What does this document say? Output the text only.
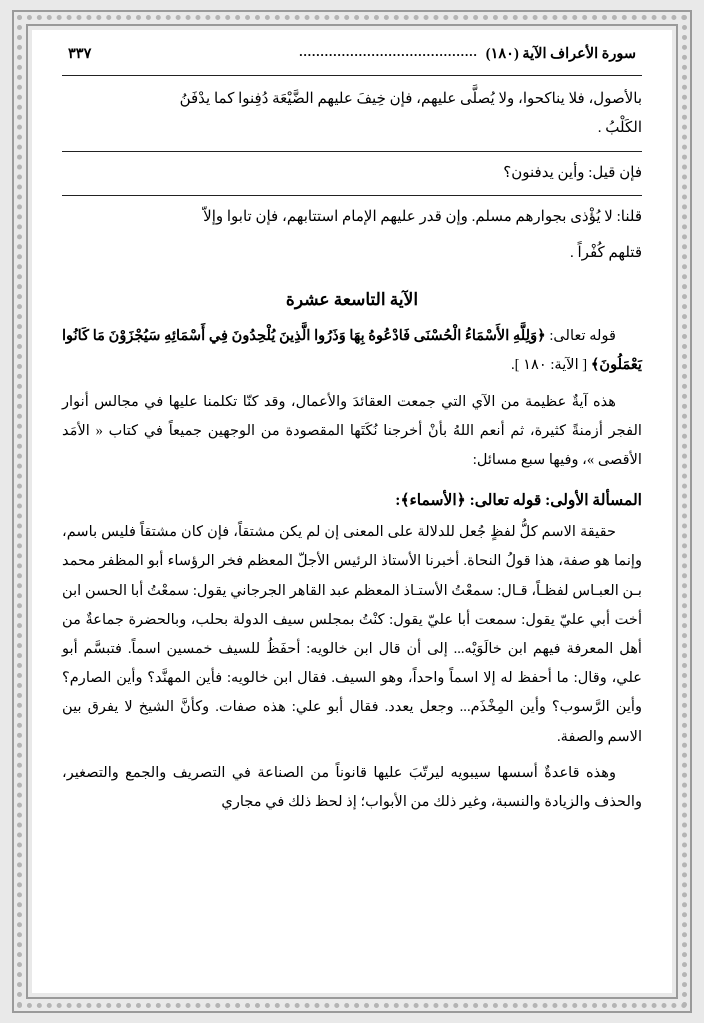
سورة الأعراف الآية (١٨٠)
..........................................
٣٣٧
بالأصول، فلا يناكحوا، ولا يُصلَّى عليهم، فإن خِيفَ عليهم الضَّيْعَة دُفِنوا كما يدْفَنُ
الكَلْبُ .
فإن قيل: وأين يدفنون؟
قلنا: لا يُؤْذى بجوارهم مسلم. وإن قدر عليهم الإمام استتابهم، فإن تابوا وإلاّ
قتلهم كُفْراً .
الآية التاسعة عشرة
قوله تعالى: ﴿وَلِلَّهِ الأَسْمَاءُ الْحُسْنَى فَادْعُوهُ بِهَا وَذَرُوا الَّذِينَ يُلْحِدُونَ فِي أَسْمَائِهِ سَيُجْزَوْنَ مَا كَانُوا يَعْمَلُونَ﴾ [ الآية: ١٨٠ ].
هذه آيةٌ عظيمة من الآي التي جمعت العقائدَ والأعمال، وقد كنّا تكلمنا عليها في مجالس أنوار الفجر أزمنةً كثيرة، ثم أنعم اللهُ بأنْ أخرجنا نُكَتَها المقصودة من الوجهين جميعاً في كتاب « الأمَد الأقصى »، وفيها سبع مسائل:
المسألة الأولى: قوله تعالى: ﴿الأسماء﴾:
حقيقة الاسم كلُّ لفظٍ جُعل للدلالة على المعنى إن لم يكن مشتقاً، فإن كان مشتقاً فليس باسم، وإنما هو صفة، هذا قولُ النحاة. أخبرنا الأستاذ الرئيس الأجلّ المعظم فخر الرؤساء أبو المظفر محمد بـن العبـاس لفظـاً، قـال: سمعْتُ الأستـاذ المعظم عبد القاهر الجرجاني يقول: سمعْتُ أبا الحسن ابن أخت أبي عليّ يقول: سمعت أبا عليّ يقول: كنْتُ بمجلس سيف الدولة بحلب، وبالحضرة جماعةٌ من أهل المعرفة فيهم ابن خالَوَيْه... إلى أن قال ابن خالويه: أحفَظُ للسيف خمسين اسماً. فتبسَّم أبو علي، وقال: ما أحفظ له إلا اسماً واحداً، وهو السيف. فقال ابن خالويه: فأين المهنَّد؟ وأين الصارم؟ وأين الرَّسوب؟ وأين المِخْذَم... وجعل يعدد. فقال أبو علي: هذه صفات. وكأنَّ الشيخ لا يفرق بين الاسم والصفة.
وهذه قاعدةٌ أسسها سيبويه ليرتّبَ عليها قانوناً من الصناعة في التصريف والجمع والتصغير، والحذف والزيادة والنسبة، وغير ذلك من الأبواب؛ إذ لحظ ذلك في مجاري
